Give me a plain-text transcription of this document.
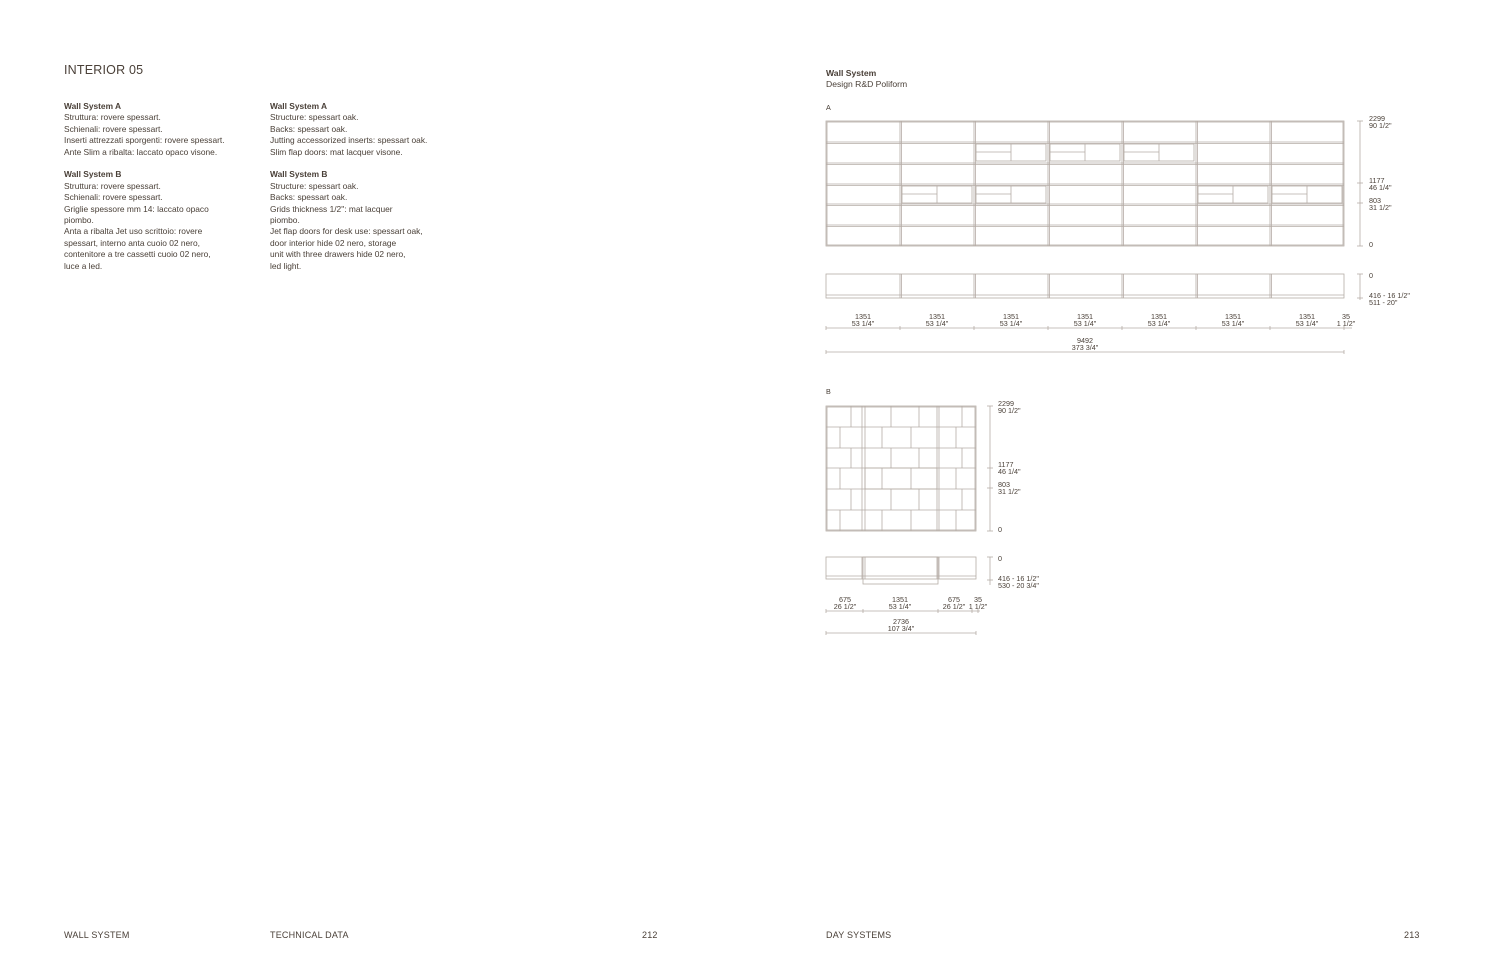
INTERIOR 05
Wall System A
Struttura: rovere spessart.
Schienali: rovere spessart.
Inserti attrezzati sporgenti: rovere spessart.
Ante Slim a ribalta: laccato opaco visone.
Wall System B
Struttura: rovere spessart.
Schienali: rovere spessart.
Griglie spessore mm 14: laccato opaco
piombo.
Anta a ribalta Jet uso scrittoio: rovere
spessart, interno anta cuoio 02 nero,
contenitore a tre cassetti cuoio 02 nero,
luce a led.
Wall System A
Structure: spessart oak.
Backs: spessart oak.
Jutting accessorized inserts: spessart oak.
Slim flap doors: mat lacquer visone.
Wall System B
Structure: spessart oak.
Backs: spessart oak.
Grids thickness 1/2": mat lacquer
piombo.
Jet flap doors for desk use: spessart oak,
door interior hide 02 nero, storage
unit with three drawers hide 02 nero,
led light.
WALL SYSTEM	TECHNICAL DATA	212
Wall System
Design R&D Poliform
A
B
2299
90 1/2"
1177
46 1/4"
803
31 1/2"
0
0
416 - 16 1/2"
511 - 20"
1351
53 1/4"
1351
53 1/4"
1351
53 1/4"
1351
53 1/4"
1351
53 1/4"
1351
53 1/4"
1351
53 1/4"
35
1 1/2"
9492
373 3/4"
2299
90 1/2"
1177
46 1/4"
803
31 1/2"
0
0
416 - 16 1/2"
530 - 20 3/4"
675
26 1/2"
1351
53 1/4"
675
26 1/2"
35
1 1/2"
2736
107 3/4"
DAY SYSTEMS	213
